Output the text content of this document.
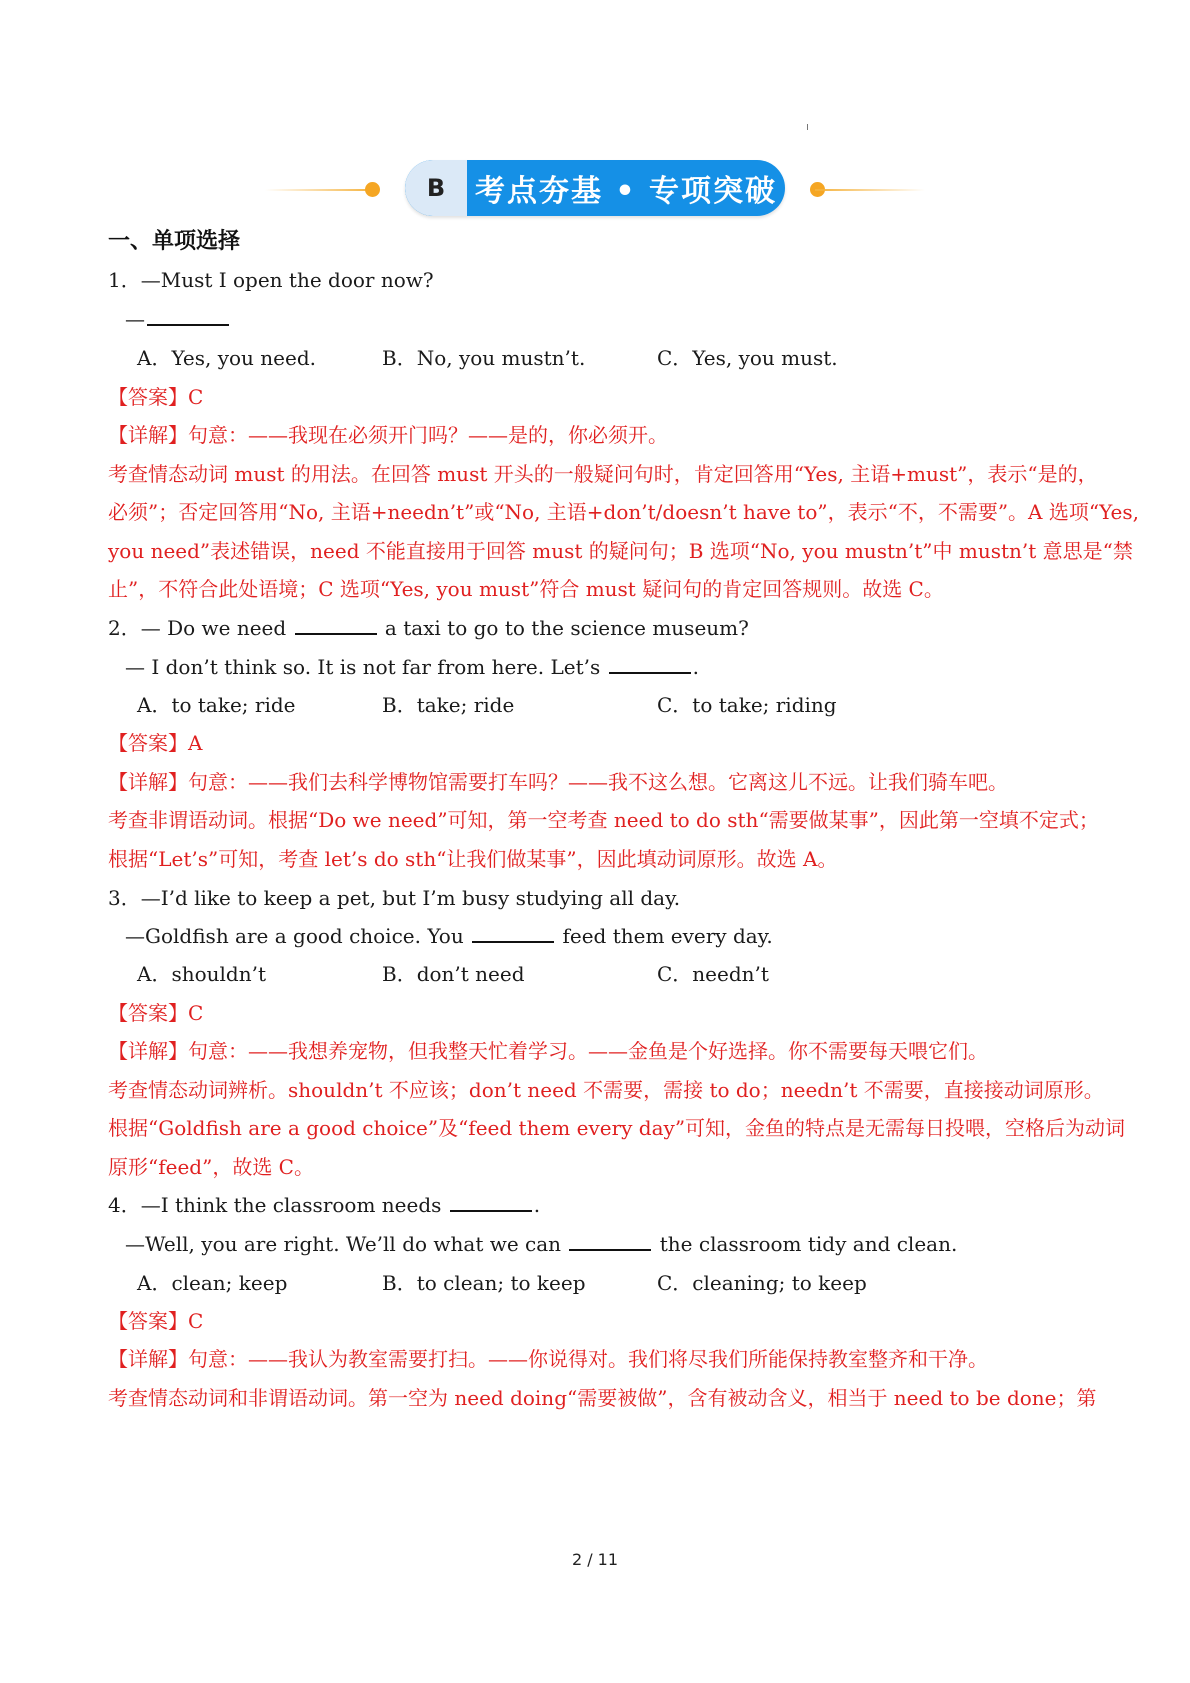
B 考点夯基 • 专项突破
一、单项选择
1．—Must I open the door now?
—
A．Yes, you need.	B．No, you mustn’t.	C．Yes, you must.
【答案】C
【详解】句意：——我现在必须开门吗？——是的，你必须开。
考查情态动词 must 的用法。在回答 must 开头的一般疑问句时，肯定回答用“Yes, 主语+must”，表示“是的，
必须”；否定回答用“No, 主语+needn’t”或“No, 主语+don’t/doesn’t have to”，表示“不，不需要”。A 选项“Yes,
you need”表述错误，need 不能直接用于回答 must 的疑问句；B 选项“No, you mustn’t”中 mustn’t 意思是“禁
止”，不符合此处语境；C 选项“Yes, you must”符合 must 疑问句的肯定回答规则。故选 C。
2．— Do we need	a taxi to go to the science museum?
— I don’t think so. It is not far from here. Let’s	.
A．to take; ride	B．take; ride	C．to take; riding
【答案】A
【详解】句意：——我们去科学博物馆需要打车吗？——我不这么想。它离这儿不远。让我们骑车吧。
考查非谓语动词。根据“Do we need”可知，第一空考查 need to do sth“需要做某事”，因此第一空填不定式；
根据“Let’s”可知，考查 let’s do sth“让我们做某事”，因此填动词原形。故选 A。
3．—I’d like to keep a pet, but I’m busy studying all day.
—Goldfish are a good choice. You	feed them every day.
A．shouldn’t	B．don’t need	C．needn’t
【答案】C
【详解】句意：——我想养宠物，但我整天忙着学习。——金鱼是个好选择。你不需要每天喂它们。
考查情态动词辨析。shouldn’t 不应该；don’t need 不需要，需接 to do；needn’t 不需要，直接接动词原形。
根据“Goldfish are a good choice”及“feed them every day”可知，金鱼的特点是无需每日投喂，空格后为动词
原形“feed”，故选 C。
4．—I think the classroom needs	.
—Well, you are right. We’ll do what we can	the classroom tidy and clean.
A．clean; keep	B．to clean; to keep	C．cleaning; to keep
【答案】C
【详解】句意：——我认为教室需要打扫。——你说得对。我们将尽我们所能保持教室整齐和干净。
考查情态动词和非谓语动词。第一空为 need doing“需要被做”，含有被动含义，相当于 need to be done；第
2 / 11
